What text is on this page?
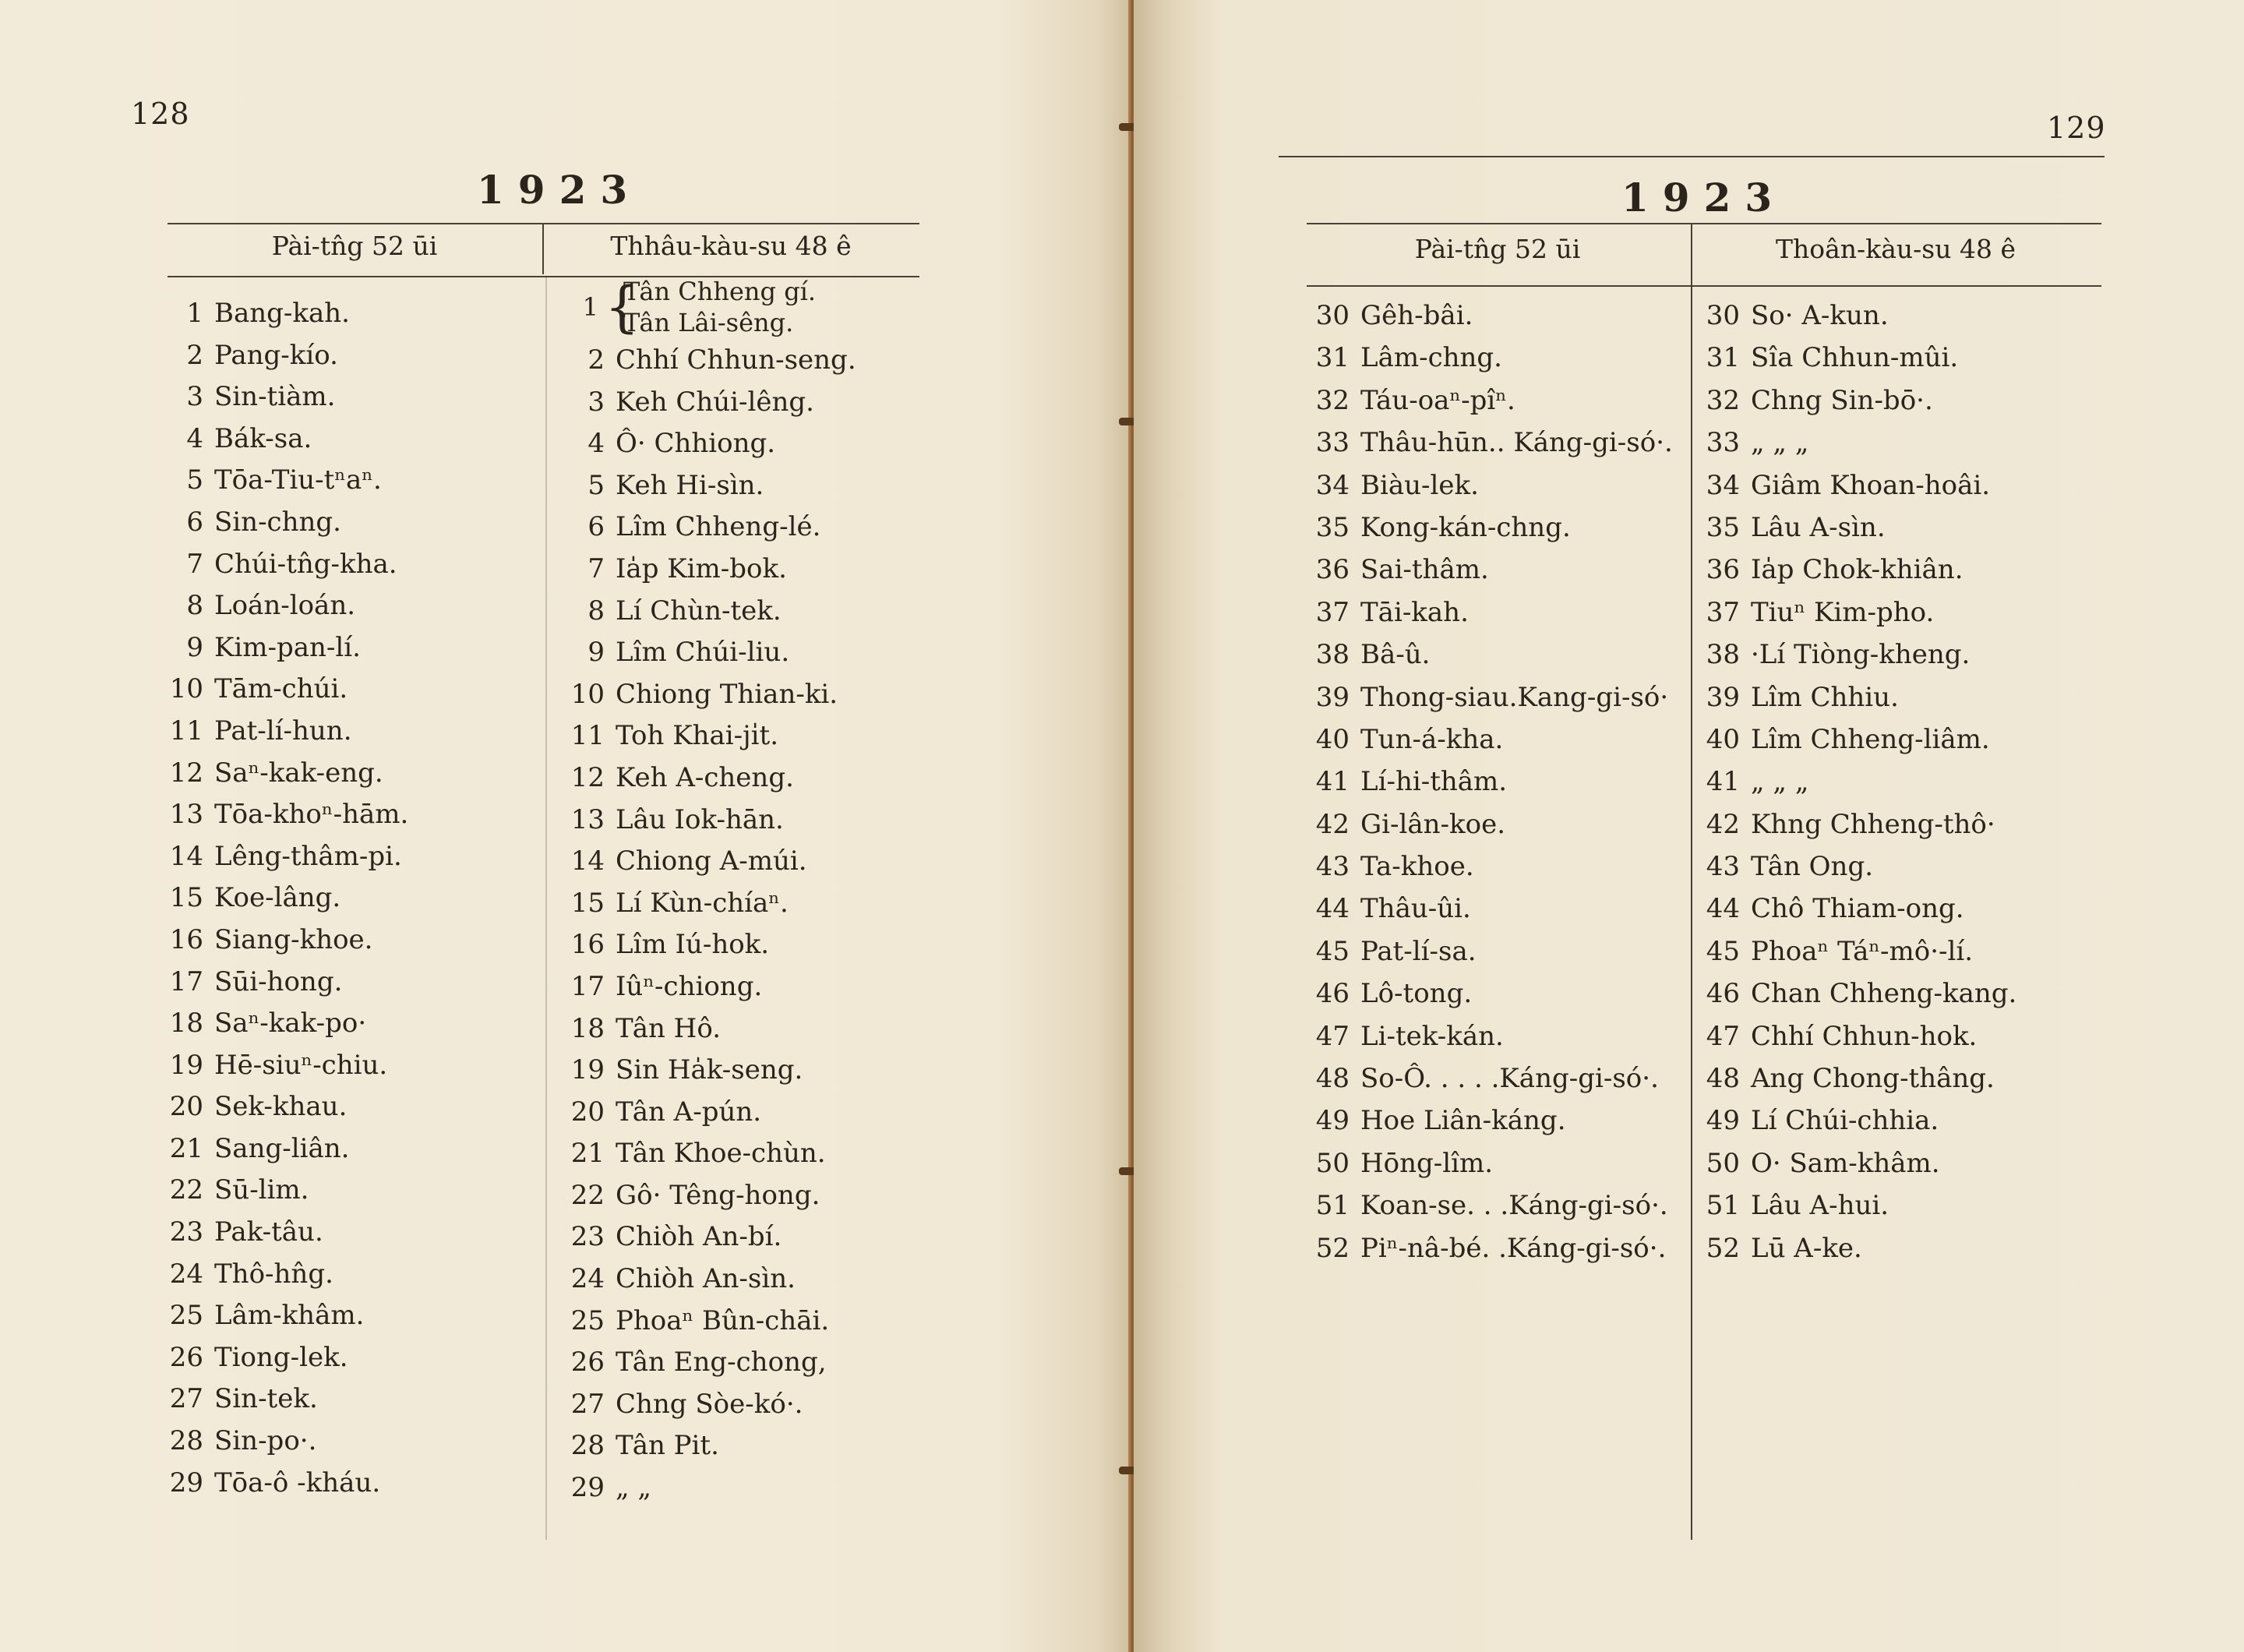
128
1923
Pài-tn̂g 52 ūi	Thhâu-kàu-su 48 ê
1 Bang-kah.
2 Pang-kío.
3 Sin-tiàm.
4 Bák-sa.
5 Tōa-Tiu-tⁿaⁿ.
6 Sin-chng.
7 Chúi-tn̂g-kha.
8 Loán-loán.
9 Kim-pan-lí.
10 Tām-chúi.
11 Pat-lí-hun.
12 Saⁿ-kak-eng.
13 Tōa-khoⁿ-hām.
14 Lêng-thâm-pi.
15 Koe-lâng.
16 Siang-khoe.
17 Sūi-hong.
18 Saⁿ-kak-po·
19 Hē-siuⁿ-chiu.
20 Sek-khau.
21 Sang-liân.
22 Sū-lim.
23 Pak-tâu.
24 Thô-hn̂g.
25 Lâm-khâm.
26 Tiong-lek.
27 Sin-tek.
28 Sin-po·.
29 Tōa-ô -kháu.
1 {
Tân Chheng gí.
Tân Lâi-sêng.
2 Chhí Chhun-seng.
3 Keh Chúi-lêng.
4 Ô· Chhiong.
5 Keh Hi-sìn.
6 Lîm Chheng-lé.
7 Ia̍p Kim-bok.
8 Lí Chùn-tek.
9 Lîm Chúi-liu.
10 Chiong Thian-ki.
11 Toh Khai-ji̍t.
12 Keh A-cheng.
13 Lâu Iok-hān.
14 Chiong A-múi.
15 Lí Kùn-chíaⁿ.
16 Lîm Iú-hok.
17 Iûⁿ-chiong.
18 Tân Hô.
19 Sin Ha̍k-seng.
20 Tân A-pún.
21 Tân Khoe-chùn.
22 Gô· Têng-hong.
23 Chiòh An-bí.
24 Chiòh An-sìn.
25 Phoaⁿ Bûn-chāi.
26 Tân Eng-chong,
27 Chng Sòe-kó·.
28 Tân Pit.
29 „ „
129
1923
Pài-tn̂g 52 ūi	Thoân-kàu-su 48 ê
30 Gêh-bâi.
31 Lâm-chng.
32 Táu-oaⁿ-pîⁿ.
33 Thâu-hūn.. Káng-gi-só·.
34 Biàu-lek.
35 Kong-kán-chng.
36 Sai-thâm.
37 Tāi-kah.
38 Bâ-û.
39 Thong-siau.Kang-gi-só·
40 Tun-á-kha.
41 Lí-hi-thâm.
42 Gi-lân-koe.
43 Ta-khoe.
44 Thâu-ûi.
45 Pat-lí-sa.
46 Lô-tong.
47 Li-tek-kán.
48 So-Ô. . . . .Káng-gi-só·.
49 Hoe Liân-káng.
50 Hōng-lîm.
51 Koan-se. . .Káng-gi-só·.
52 Piⁿ-nâ-bé. .Káng-gi-só·.
30 So· A-kun.
31 Sîa Chhun-mûi.
32 Chng Sin-bō·.
33 „ „ „
34 Giâm Khoan-hoâi.
35 Lâu A-sìn.
36 Ia̍p Chok-khiân.
37 Tiuⁿ Kim-pho.
38 ·Lí Tiòng-kheng.
39 Lîm Chhiu.
40 Lîm Chheng-liâm.
41 „ „ „
42 Khng Chheng-thô·
43 Tân Ong.
44 Chô Thiam-ong.
45 Phoaⁿ Táⁿ-mô·-lí.
46 Chan Chheng-kang.
47 Chhí Chhun-hok.
48 Ang Chong-thâng.
49 Lí Chúi-chhia.
50 O· Sam-khâm.
51 Lâu A-hui.
52 Lū A-ke.
